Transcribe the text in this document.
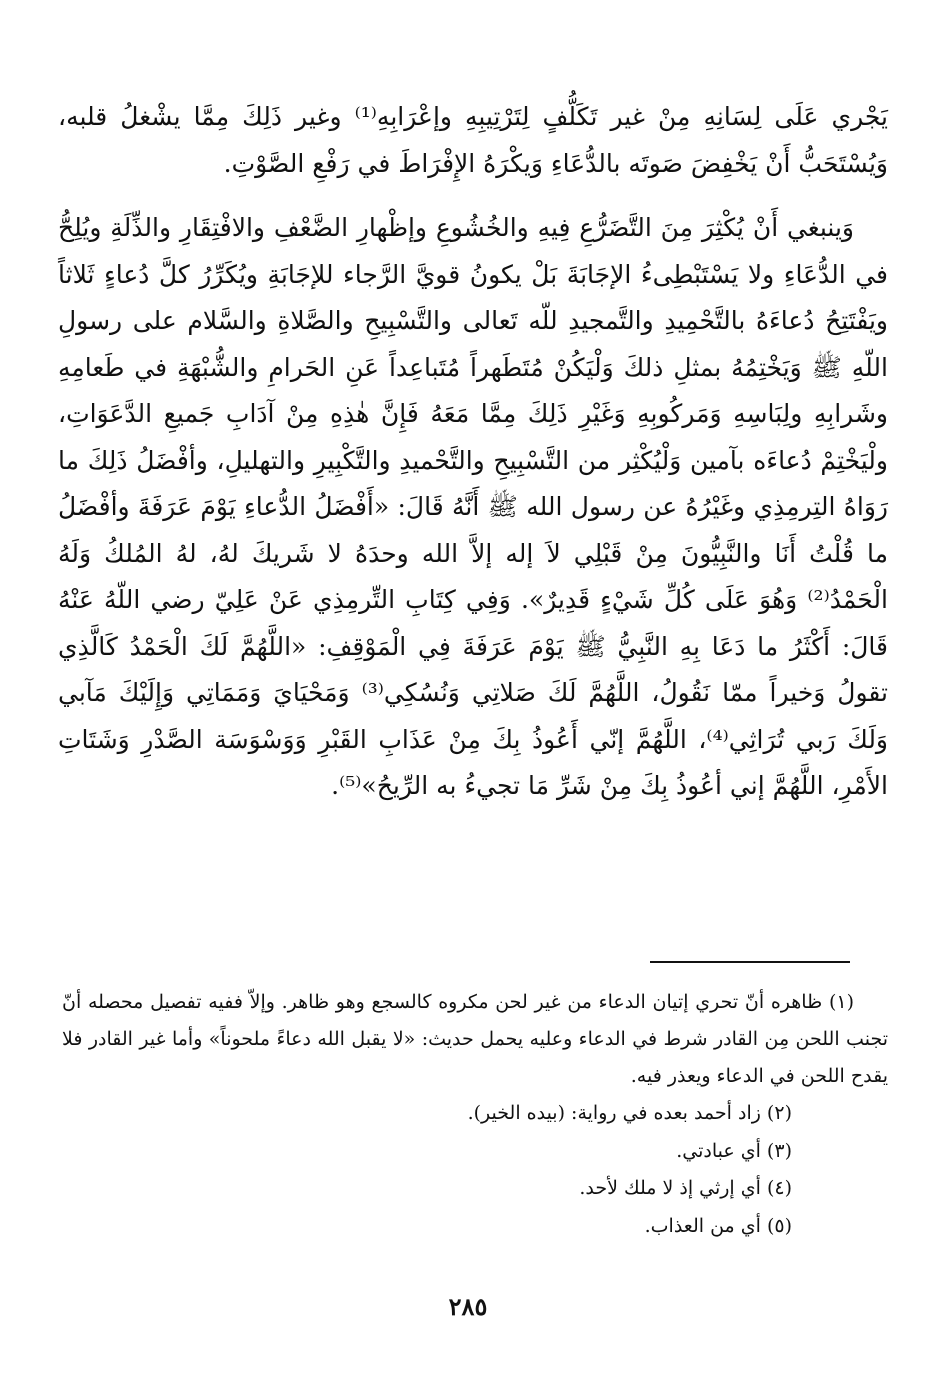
يَجْري عَلَى لِسَانِهِ مِنْ غير تَكَلُّفٍ لِتَرْتِيبِهِ وإعْرَابِهِ⁽¹⁾ وغير ذَلِكَ مِمَّا يشْغلُ قلبه، وَيُسْتَحَبُّ أَنْ يَخْفِضَ صَوتَه بالدُّعَاءِ وَيكْرَهُ الإِفْرَاطَ في رَفْعِ الصَّوْتِ.

وَينبغي أَنْ يُكْثِرَ مِنَ التَّضَرُّعِ فِيهِ والخُشُوعِ وإظْهارِ الضَّعْفِ والافْتِقَارِ والذِّلَةِ ويُلِحُّ في الدُّعَاءِ ولا يَسْتَبْطِىءُ الإجَابَةَ بَلْ يكونُ قويَّ الرَّجاء للإجَابَةِ ويُكَرِّرُ كلَّ دُعاءٍ ثَلاثاً ويَفْتَتِحُ دُعاءَهُ بالتَّحْمِيدِ والتَّمجيدِ للّه تَعالى والتَّسْبِيحِ والصَّلاةِ والسَّلام على رسولِ اللّهِ ﷺ وَيَخْتِمُهُ بمثلِ ذلكَ وَلْيَكُنْ مُتَطَهراً مُتَباعِداً عَنِ الحَرامِ والشُّبْهَةِ في طَعامِهِ وشَرابِهِ ولِبَاسِهِ وَمَركُوبِهِ وَغَيْرِ ذَلِكَ مِمَّا مَعَهُ فَإِنَّ هٰذِهِ مِنْ آدَابِ جَميعِ الدَّعَوَاتِ، ولْيَخْتِمْ دُعاءَه بآمين وَلْيُكْثِر من التَّسْبِيحِ والتَّحْميدِ والتَّكْبِيرِ والتهليلِ، وأفْضَلُ ذَلِكَ ما رَوَاهُ التِرمِذِي وغَيْرُهُ عن رسول الله ﷺ أَنَّهُ قَالَ: «أَفْضَلُ الدُّعاءِ يَوْمَ عَرَفَةَ وأفْضَلُ ما قُلْتُ أَنَا والنَّبِيُّونَ مِنْ قَبْلِي لاَ إله إلاَّ الله وحدَهُ لا شَريكَ لهُ، لهُ المُلكُ وَلَهُ الْحَمْدُ⁽²⁾ وَهُوَ عَلَى كُلِّ شَيْءٍ قَدِيرٌ». وَفِي كِتَابِ التِّرمِذِي عَنْ عَلِيّ رضي اللّهُ عَنْهُ قَالَ: أَكْثَرُ ما دَعَا بِهِ النَّبِيُّ ﷺ يَوْمَ عَرَفَةَ فِي الْمَوْقِفِ: «اللَّهُمَّ لَكَ الْحَمْدُ كَالَّذِي تقولُ وَخيراً ممّا نَقُولُ، اللَّهُمَّ لَكَ صَلاتِي وَنُسُكِي⁽³⁾ وَمَحْيَايَ وَمَمَاتِي وَإِلَيْكَ مَآبي وَلَكَ رَبي تُرَاثِي⁽⁴⁾، اللَّهُمَّ إنّي أَعُوذُ بِكَ مِنْ عَذَابِ القَبْرِ وَوَسْوَسَة الصَّدْرِ وَشَتَاتِ الأَمْرِ، اللَّهُمَّ إني أعُوذُ بِكَ مِنْ شَرِّ مَا تجيءُ به الرِّيحُ»⁽⁵⁾.

(١) ظاهره أنّ تحري إتيان الدعاء من غير لحن مكروه كالسجع وهو ظاهر. وإلاّ ففيه تفصيل محصله أنّ تجنب اللحن مِن القادر شرط في الدعاء وعليه يحمل حديث: «لا يقبل الله دعاءً ملحوناً» وأما غير القادر فلا يقدح اللحن في الدعاء ويعذر فيه.

(٢) زاد أحمد بعده في رواية: (بيده الخير).

(٣) أي عبادتي.

(٤) أي إرثي إذ لا ملك لأحد.

(٥) أي من العذاب.

٢٨٥
